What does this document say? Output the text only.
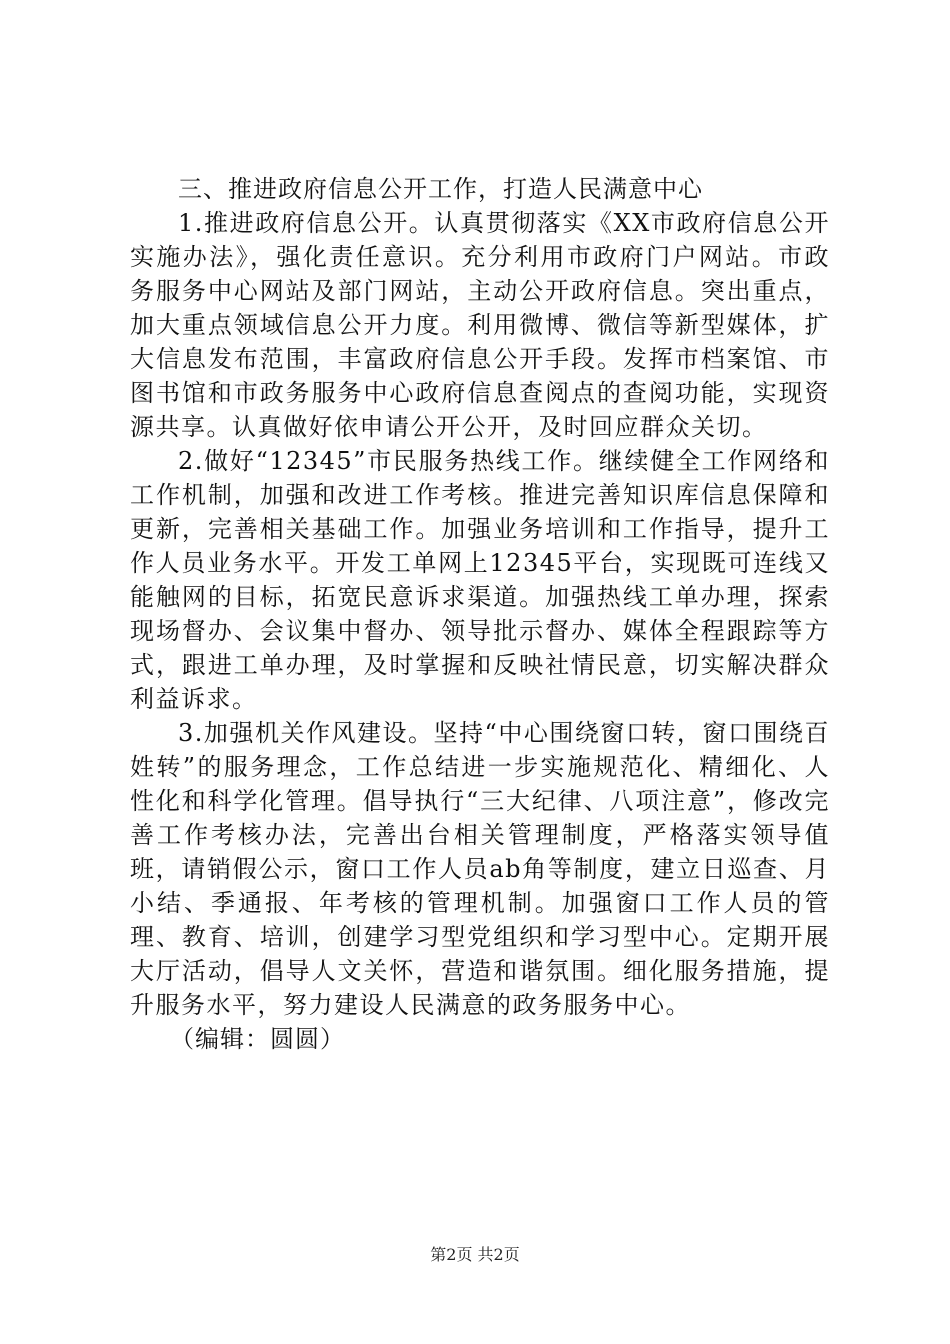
三、推进政府信息公开工作，打造人民满意中心

1.推进政府信息公开。认真贯彻落实《XX市政府信息公开实施办法》，强化责任意识。充分利用市政府门户网站。市政务服务中心网站及部门网站，主动公开政府信息。突出重点，加大重点领域信息公开力度。利用微博、微信等新型媒体，扩大信息发布范围，丰富政府信息公开手段。发挥市档案馆、市图书馆和市政务服务中心政府信息查阅点的查阅功能，实现资源共享。认真做好依申请公开公开，及时回应群众关切。

2.做好“12345”市民服务热线工作。继续健全工作网络和工作机制，加强和改进工作考核。推进完善知识库信息保障和更新，完善相关基础工作。加强业务培训和工作指导，提升工作人员业务水平。开发工单网上12345平台，实现既可连线又能触网的目标，拓宽民意诉求渠道。加强热线工单办理，探索现场督办、会议集中督办、领导批示督办、媒体全程跟踪等方式，跟进工单办理，及时掌握和反映社情民意，切实解决群众利益诉求。

3.加强机关作风建设。坚持“中心围绕窗口转，窗口围绕百姓转”的服务理念，工作总结进一步实施规范化、精细化、人性化和科学化管理。倡导执行“三大纪律、八项注意”，修改完善工作考核办法，完善出台相关管理制度，严格落实领导值班，请销假公示，窗口工作人员ab角等制度，建立日巡查、月小结、季通报、年考核的管理机制。加强窗口工作人员的管理、教育、培训，创建学习型党组织和学习型中心。定期开展大厅活动，倡导人文关怀，营造和谐氛围。细化服务措施，提升服务水平，努力建设人民满意的政务服务中心。

（编辑：圆圆）

第2页 共2页
